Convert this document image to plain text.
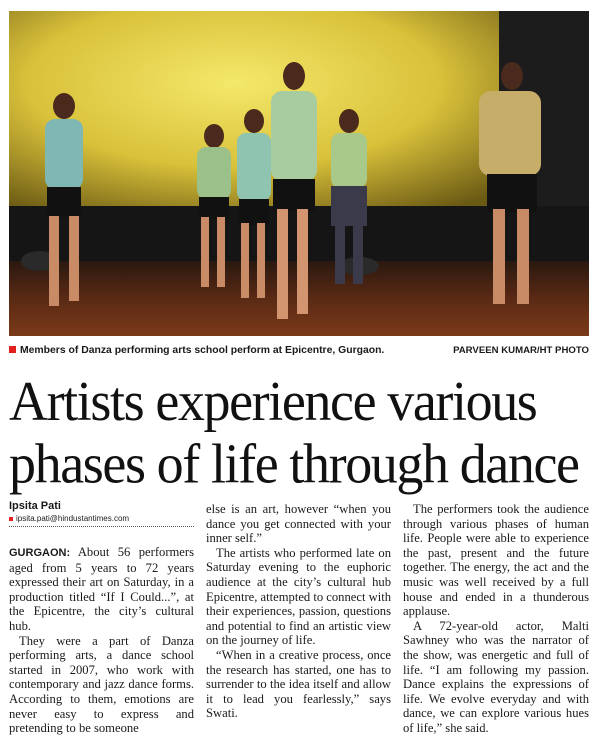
Members of Danza performing arts school perform at Epicentre, Gurgaon.	PARVEEN KUMAR/HT PHOTO
Artists experience various
phases of life through dance
Ipsita Pati
ipsita.pati@hindustantimes.com

GURGAON: About 56 performers aged from 5 years to 72 years expressed their art on Saturday, in a production titled “If I Could...”, at the Epicentre, the city’s cultural hub.

They were a part of Danza performing arts, a dance school started in 2007, who work with contemporary and jazz dance forms. According to them, emotions are never easy to express and pretending to be someone

else is an art, however “when you dance you get connected with your inner self.”

The artists who performed late on Saturday evening to the euphoric audience at the city’s cultural hub Epicentre, attempted to connect with their experiences, passion, questions and potential to find an artistic view on the journey of life.

“When in a creative process, once the research has started, one has to surrender to the idea itself and allow it to lead you fearlessly,” says Swati.

The performers took the audience through various phases of human life. People were able to experience the past, present and the future together. The energy, the act and the music was well received by a full house and ended in a thunderous applause.

A 72-year-old actor, Malti Sawhney who was the narrator of the show, was energetic and full of life. “I am following my passion. Dance explains the expressions of life. We evolve everyday and with dance, we can explore various hues of life,” she said.
